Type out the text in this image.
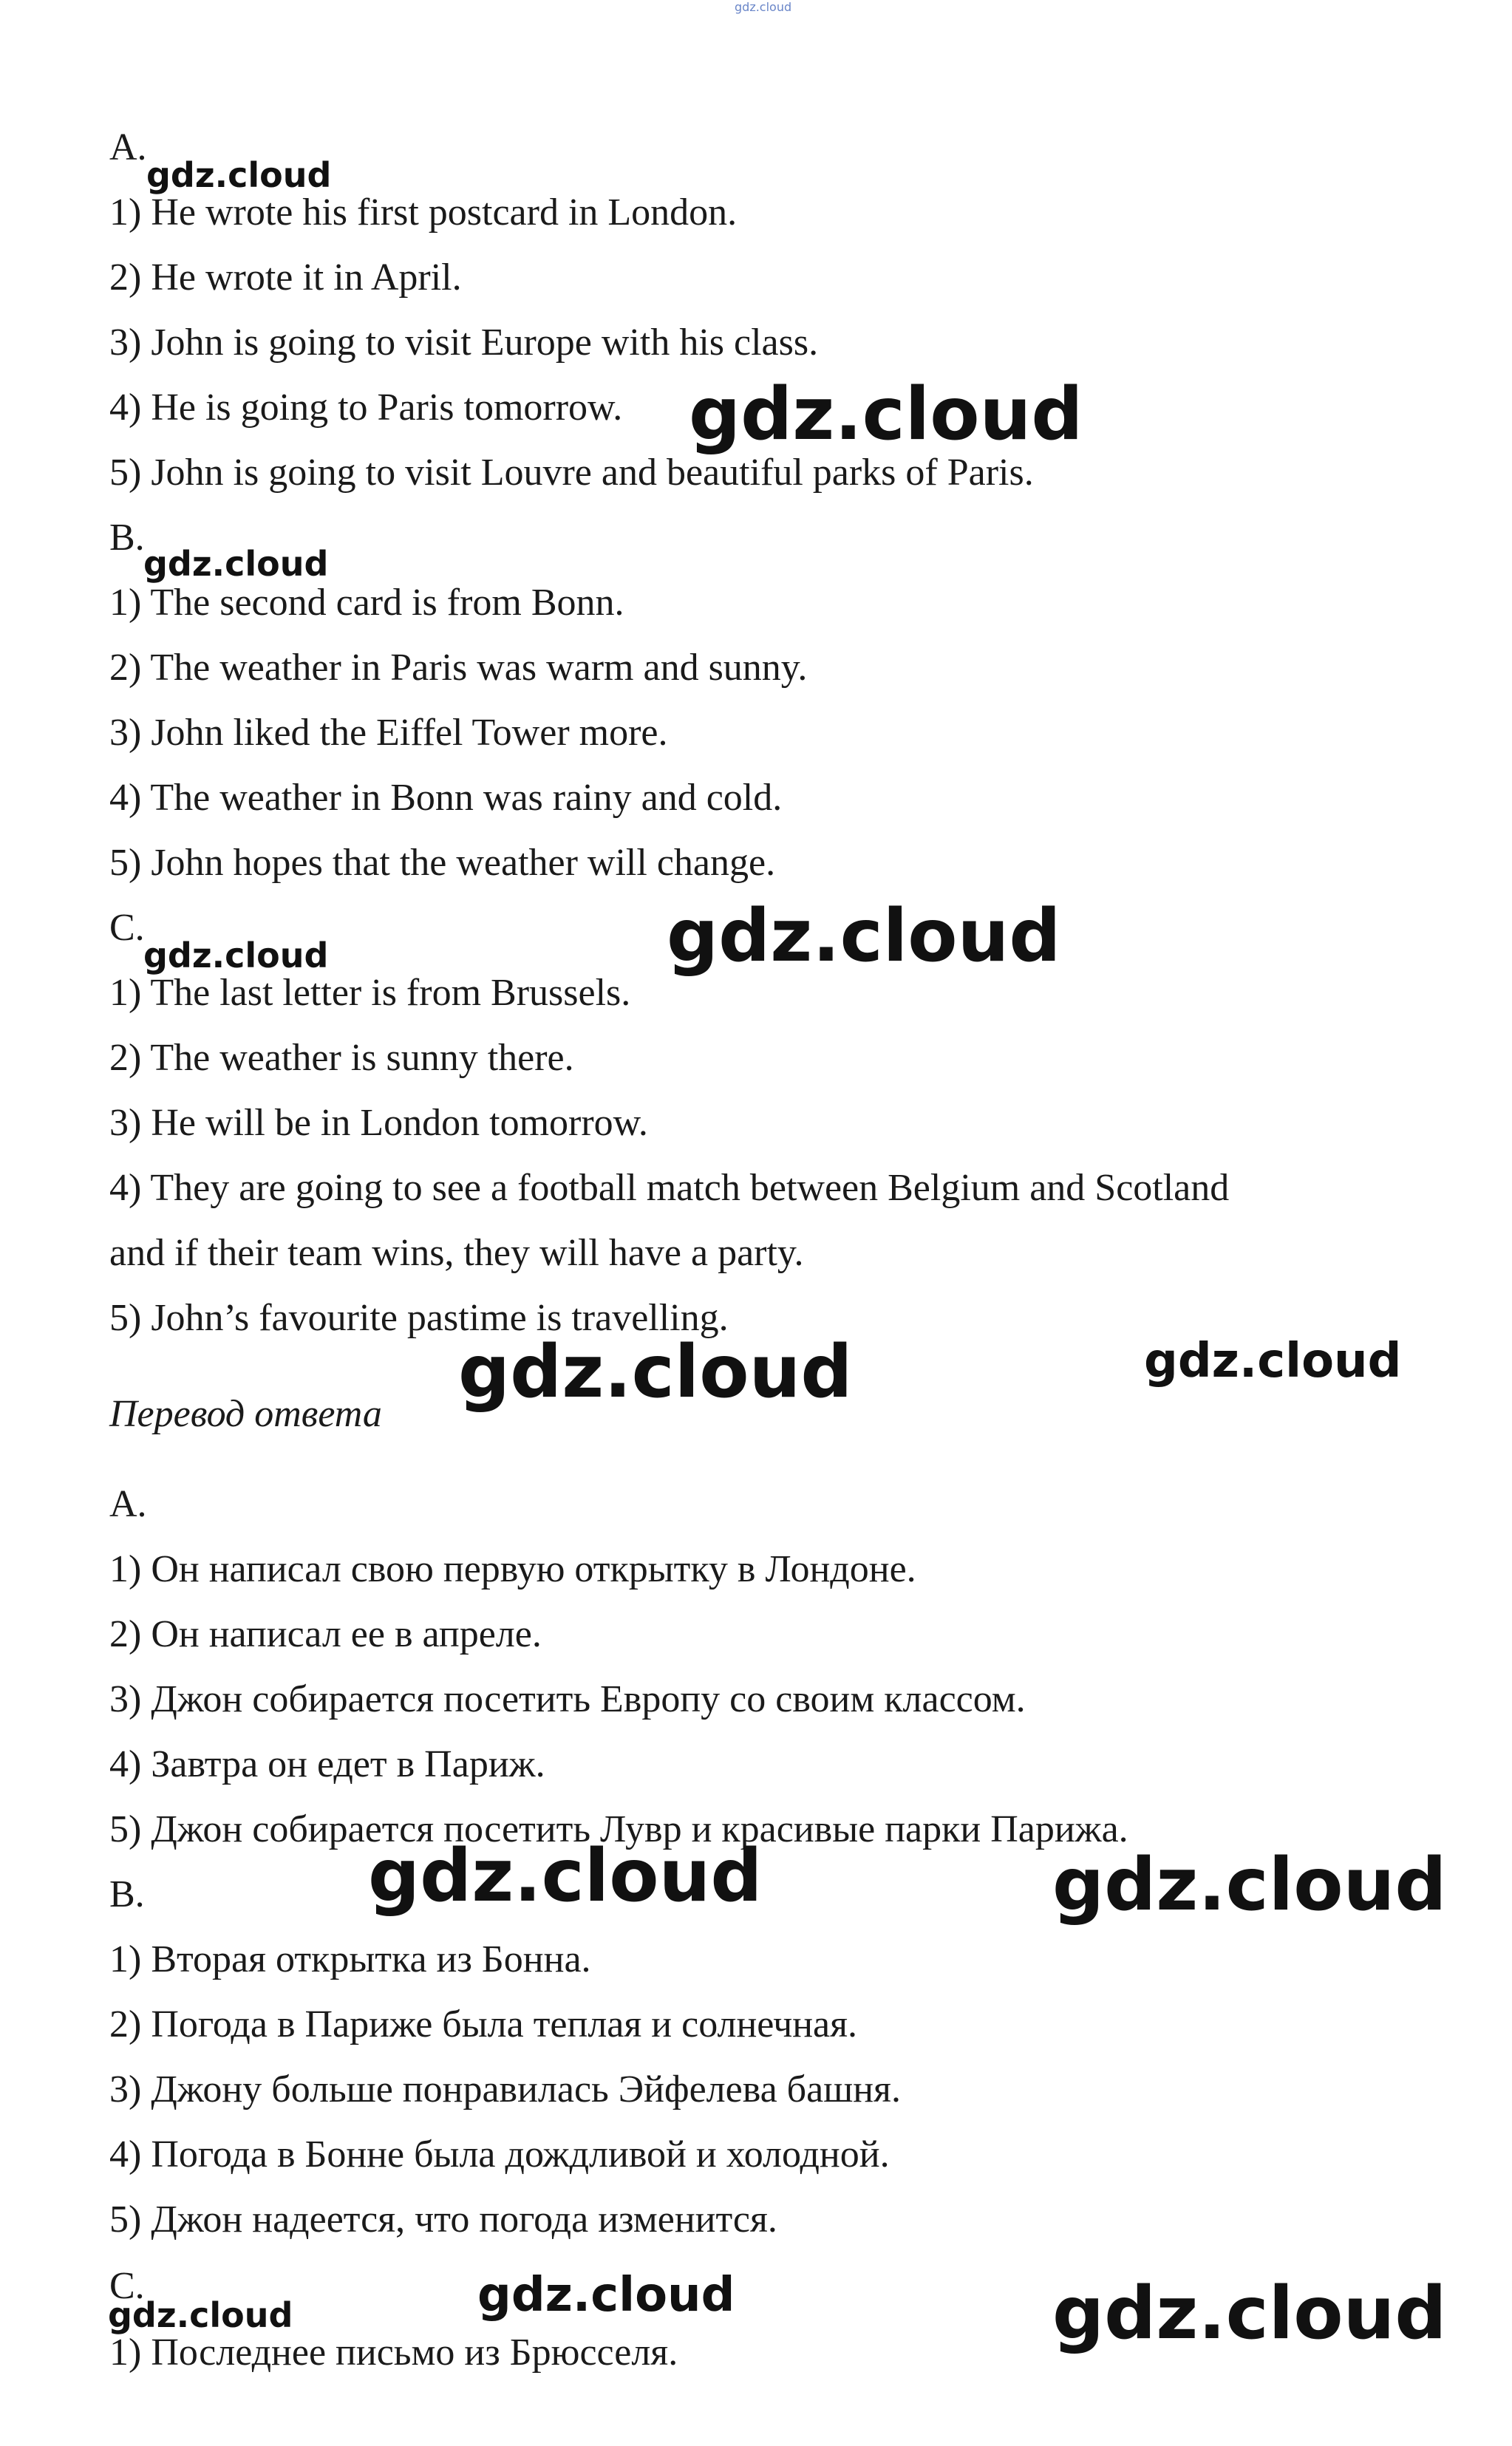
gdz.cloud
A.
gdz.cloud
1) He wrote his first postcard in London.
2) He wrote it in April.
3) John is going to visit Europe with his class.
4) He is going to Paris tomorrow. gdz.cloud
5) John is going to visit Louvre and beautiful parks of Paris.
B.
gdz.cloud
1) The second card is from Bonn.
2) The weather in Paris was warm and sunny.
3) John liked the Eiffel Tower more.
4) The weather in Bonn was rainy and cold.
5) John hopes that the weather will change.
C.
gdz.cloud	gdz.cloud
1) The last letter is from Brussels.
2) The weather is sunny there.
3) He will be in London tomorrow.
4) They are going to see a football match between Belgium and Scotland
and if their team wins, they will have a party.
5) John’s favourite pastime is travelling.
gdz.cloud	gdz.cloud
Перевод ответа
A.
1) Он написал свою первую открытку в Лондоне.
2) Он написал ее в апреле.
3) Джон собирается посетить Европу со своим классом.
4) Завтра он едет в Париж.
5) Джон собирается посетить Лувр и красивые парки Парижа.
gdz.cloud	gdz.cloud
B.
1) Вторая открытка из Бонна.
2) Погода в Париже была теплая и солнечная.
3) Джону больше понравилась Эйфелева башня.
4) Погода в Бонне была дождливой и холодной.
5) Джон надеется, что погода изменится.
C.
gdz.cloud	gdz.cloud	gdz.cloud
1) Последнее письмо из Брюсселя.
